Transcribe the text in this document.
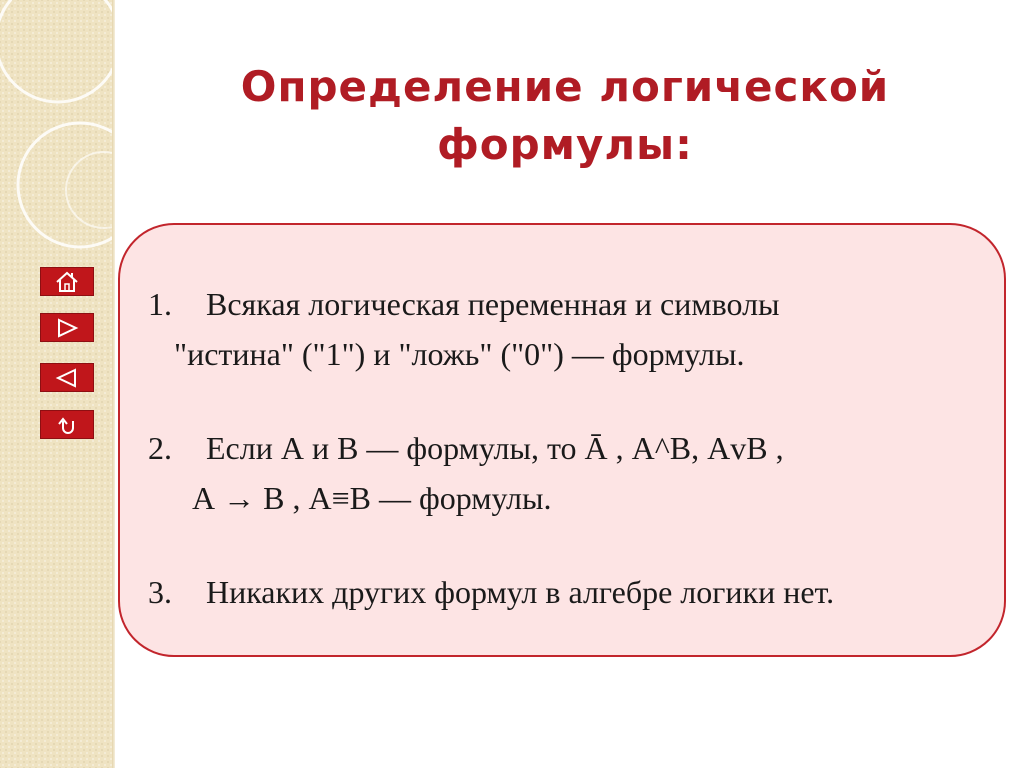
Определение логической
формулы:
1. Всякая логическая переменная и символы
"истина" ("1") и "ложь" ("0") — формулы.
2. Если А и В — формулы, то Ā , А^В, АvВ ,
А → В , А≡В — формулы.
3. Никаких других формул в алгебре логики нет.
